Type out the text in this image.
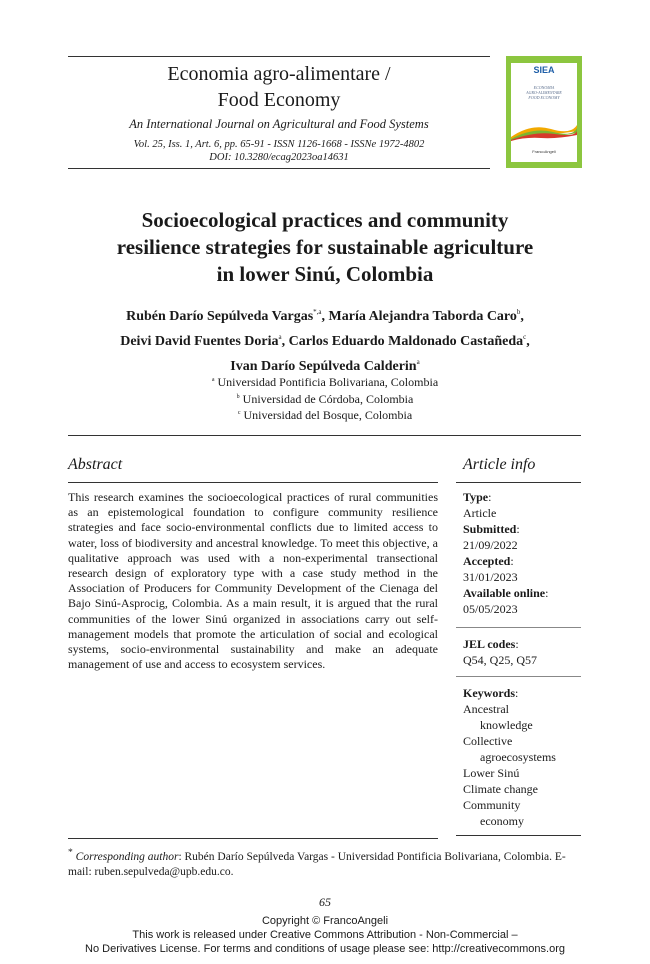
Economia agro-alimentare /
Food Economy
An International Journal on Agricultural and Food Systems
Vol. 25, Iss. 1, Art. 6, pp. 65-91 - ISSN 1126-1668 - ISSNe 1972-4802
DOI: 10.3280/ecag2023oa14631
SIEA
ECONOMIA
AGRO-ALIMENTARE
FOOD ECONOMY
FrancoAngeli
Socioecological practices and community
resilience strategies for sustainable agriculture
in lower Sinú, Colombia
Rubén Darío Sepúlveda Vargas$^{*,a}$, María Alejandra Taborda Caro$^b$,
Deivi David Fuentes Doria$^a$, Carlos Eduardo Maldonado Castañeda$^c$,
Ivan Darío Sepúlveda Calderin$^a$
$^a$ Universidad Pontificia Bolivariana, Colombia
$^b$ Universidad de Córdoba, Colombia
$^c$ Universidad del Bosque, Colombia
Abstract
This research examines the socioecological practices of rural communities as an epistemological foundation to configure community resilience strategies and face socio-environmental conflicts due to limited access to water, loss of biodiversity and ancestral knowledge. To meet this objective, a qualitative approach was used with a non-experimental transectional research design of exploratory type with a case study method in the Association of Producers for Community Development of the Cienaga del Bajo Sinú-Asprocig, Colombia. As a main result, it is argued that the rural communities of the lower Sinú organized in associations carry out self-management models that promote the articulation of social and ecological systems, socio-environmental sustainability and make an adequate management of use and access to ecosystem services.
Article info
Type:
Article
Submitted:
21/09/2022
Accepted:
31/01/2023
Available online:
05/05/2023
JEL codes:
Q54, Q25, Q57
Keywords:
Ancestral
knowledge
Collective
agroecosystems
Lower Sinú
Climate change
Community
economy
* Corresponding author: Rubén Darío Sepúlveda Vargas - Universidad Pontificia Bolivariana, Colombia. E-mail: ruben.sepulveda@upb.edu.co.
65
Copyright © FrancoAngeli
This work is released under Creative Commons Attribution - Non-Commercial –
No Derivatives License. For terms and conditions of usage please see: http://creativecommons.org
